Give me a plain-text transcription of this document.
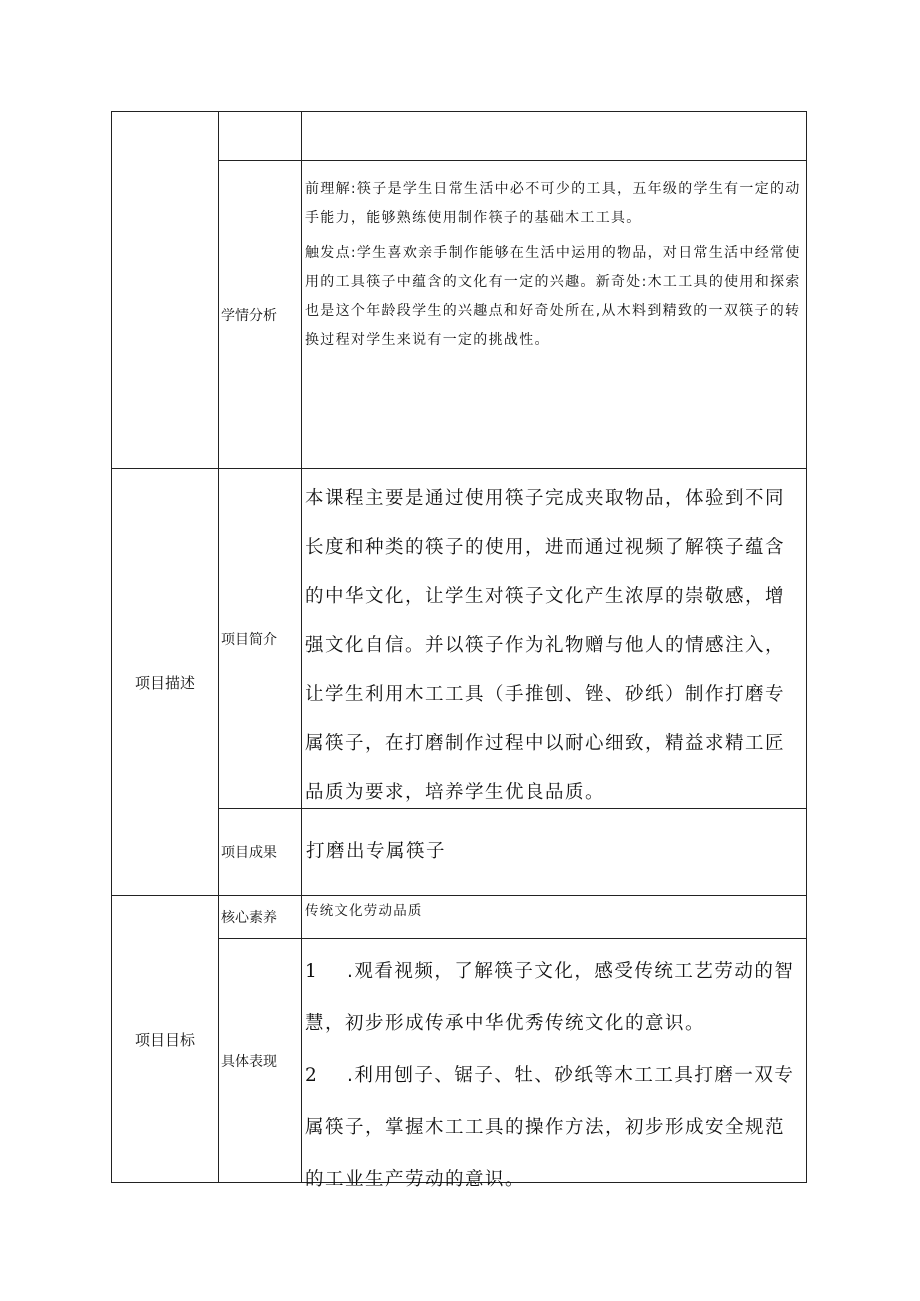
学情分析

前理解:筷子是学生日常生活中必不可少的工具，五年级的学生有一定的动手能力，能够熟练使用制作筷子的基础木工工具。

触发点:学生喜欢亲手制作能够在生活中运用的物品，对日常生活中经常使用的工具筷子中蕴含的文化有一定的兴趣。新奇处:木工工具的使用和探索也是这个年龄段学生的兴趣点和好奇处所在,从木料到精致的一双筷子的转换过程对学生来说有一定的挑战性。

项目描述
项目简介
本课程主要是通过使用筷子完成夹取物品，体验到不同长度和种类的筷子的使用，进而通过视频了解筷子蕴含的中华文化，让学生对筷子文化产生浓厚的崇敬感，增强文化自信。并以筷子作为礼物赠与他人的情感注入，让学生利用木工工具（手推刨、锉、砂纸）制作打磨专属筷子，在打磨制作过程中以耐心细致，精益求精工匠品质为要求，培养学生优良品质。
项目成果	打磨出专属筷子
项目目标
核心素养	传统文化劳动品质
具体表现
1 .观看视频，了解筷子文化，感受传统工艺劳动的智慧，初步形成传承中华优秀传统文化的意识。
2 .利用刨子、锯子、牡、砂纸等木工工具打磨一双专属筷子，掌握木工工具的操作方法，初步形成安全规范的工业生产劳动的意识。
